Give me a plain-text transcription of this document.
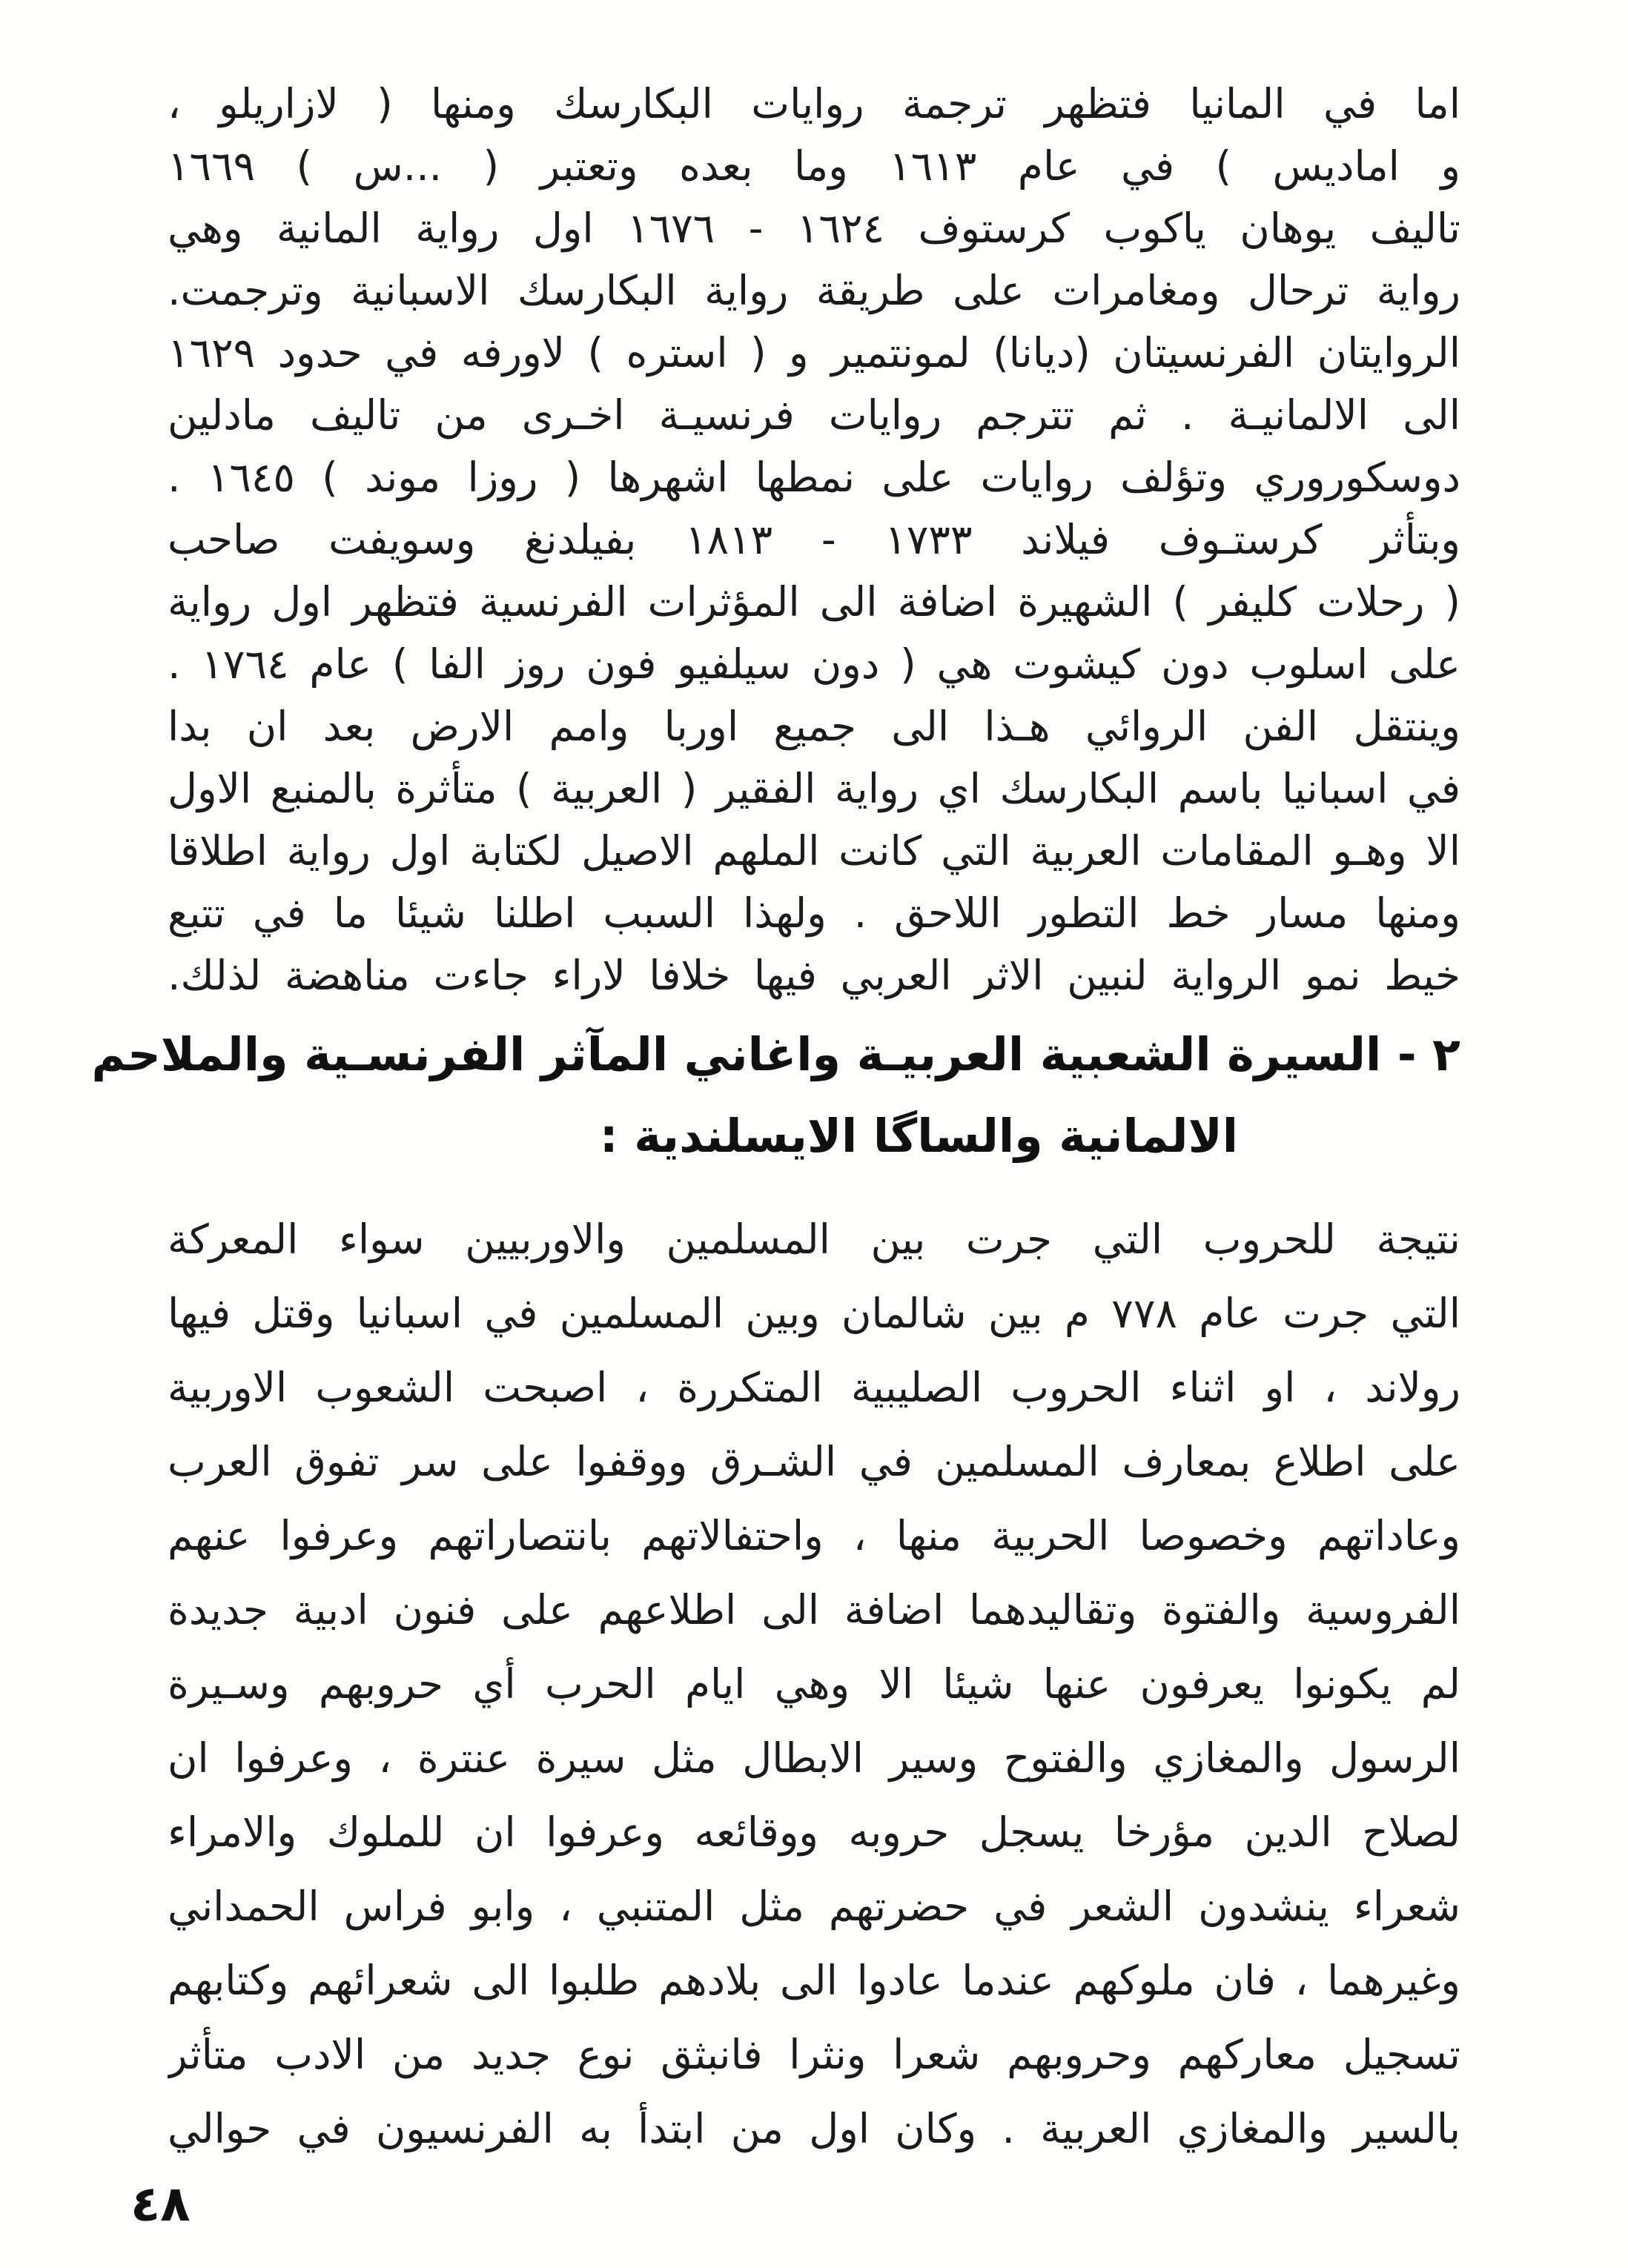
اما في المانيا فتظهر ترجمة روايات البكارسك ومنها ( لازاريلو ،
و امادیس ) في عام ١٦١٣ وما بعده وتعتبر ( ...س ) ١٦٦٩
تاليف يوهان ياكوب كرستوف ١٦٢٤ - ١٦٧٦ اول رواية المانية وهي
رواية ترحال ومغامرات على طريقة رواية البكارسك الاسبانية وترجمت.
الروايتان الفرنسيتان (ديانا) لمونتمير و ( استره ) لاورفه في حدود ١٦٢٩
الى الالمانيـة . ثم تترجم روايات فرنسيـة اخـرى من تاليف مادلين
دوسكوروري وتؤلف روايات على نمطها اشهرها ( روزا موند ) ١٦٤٥ .
وبتأثر كرستـوف فيلاند ١٧٣٣ - ١٨١٣ بفيلدنغ وسويفت صاحب
( رحلات كليفر ) الشهيرة اضافة الى المؤثرات الفرنسية فتظهر اول رواية
على اسلوب دون كيشوت هي ( دون سيلفيو فون روز الفا ) عام ١٧٦٤ .
وينتقل الفن الروائي هـذا الى جميع اوربا وامم الارض بعد ان بدا
في اسبانيا باسم البكارسك اي رواية الفقير ( العربية ) متأثرة بالمنبع الاول
الا وهـو المقامات العربية التي كانت الملهم الاصيل لكتابة اول رواية اطلاقا
ومنها مسار خط التطور اللاحق . ولهذا السبب اطلنا شيئا ما في تتبع
خيط نمو الرواية لنبين الاثر العربي فيها خلافا لاراء جاءت مناهضة لذلك.
٢ - السيرة الشعبية العربيـة واغاني المآثر الفرنسـية والملاحم
الالمانية والساگا الايسلندية :
نتيجة للحروب التي جرت بين المسلمين والاوربيين سواء المعركة
التي جرت عام ٧٧٨ م بين شالمان وبين المسلمين في اسبانيا وقتل فيها
رولاند ، او اثناء الحروب الصليبية المتكررة ، اصبحت الشعوب الاوربية
على اطلاع بمعارف المسلمين في الشـرق ووقفوا على سر تفوق العرب
وعاداتهم وخصوصا الحربية منها ، واحتفالاتهم بانتصاراتهم وعرفوا عنهم
الفروسية والفتوة وتقاليدهما اضافة الى اطلاعهم على فنون ادبية جديدة
لم يكونوا يعرفون عنها شيئا الا وهي ايام الحرب أي حروبهم وسـيرة
الرسول والمغازي والفتوح وسير الابطال مثل سيرة عنترة ، وعرفوا ان
لصلاح الدين مؤرخا يسجل حروبه ووقائعه وعرفوا ان للملوك والامراء
شعراء ينشدون الشعر في حضرتهم مثل المتنبي ، وابو فراس الحمداني
وغيرهما ، فان ملوكهم عندما عادوا الى بلادهم طلبوا الى شعرائهم وكتابهم
تسجيل معاركهم وحروبهم شعرا ونثرا فانبثق نوع جديد من الادب متأثر
بالسير والمغازي العربية . وكان اول من ابتدأ به الفرنسيون في حوالي
٤٨
